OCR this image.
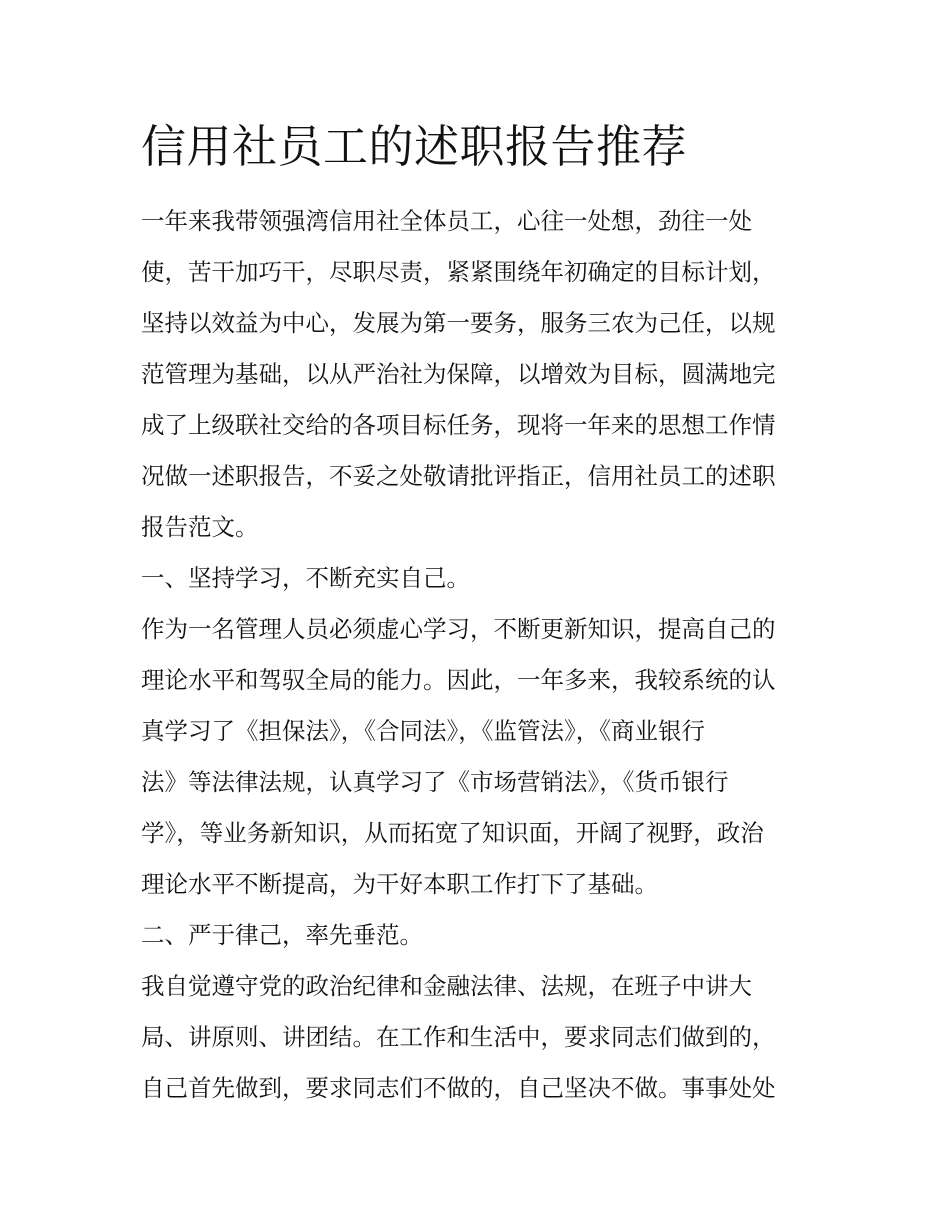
信用社员工的述职报告推荐
一年来我带领强湾信用社全体员工，心往一处想，劲往一处
使，苦干加巧干，尽职尽责，紧紧围绕年初确定的目标计划，
坚持以效益为中心，发展为第一要务，服务三农为己任，以规
范管理为基础，以从严治社为保障，以增效为目标，圆满地完
成了上级联社交给的各项目标任务，现将一年来的思想工作情
况做一述职报告，不妥之处敬请批评指正，信用社员工的述职
报告范文。
一、坚持学习，不断充实自己。
作为一名管理人员必须虚心学习，不断更新知识，提高自己的
理论水平和驾驭全局的能力。因此，一年多来，我较系统的认
真学习了《担保法》，《合同法》，《监管法》，《商业银行
法》等法律法规，认真学习了《市场营销法》，《货币银行
学》，等业务新知识，从而拓宽了知识面，开阔了视野，政治
理论水平不断提高，为干好本职工作打下了基础。
二、严于律己，率先垂范。
我自觉遵守党的政治纪律和金融法律、法规，在班子中讲大
局、讲原则、讲团结。在工作和生活中，要求同志们做到的，
自己首先做到，要求同志们不做的，自己坚决不做。事事处处
